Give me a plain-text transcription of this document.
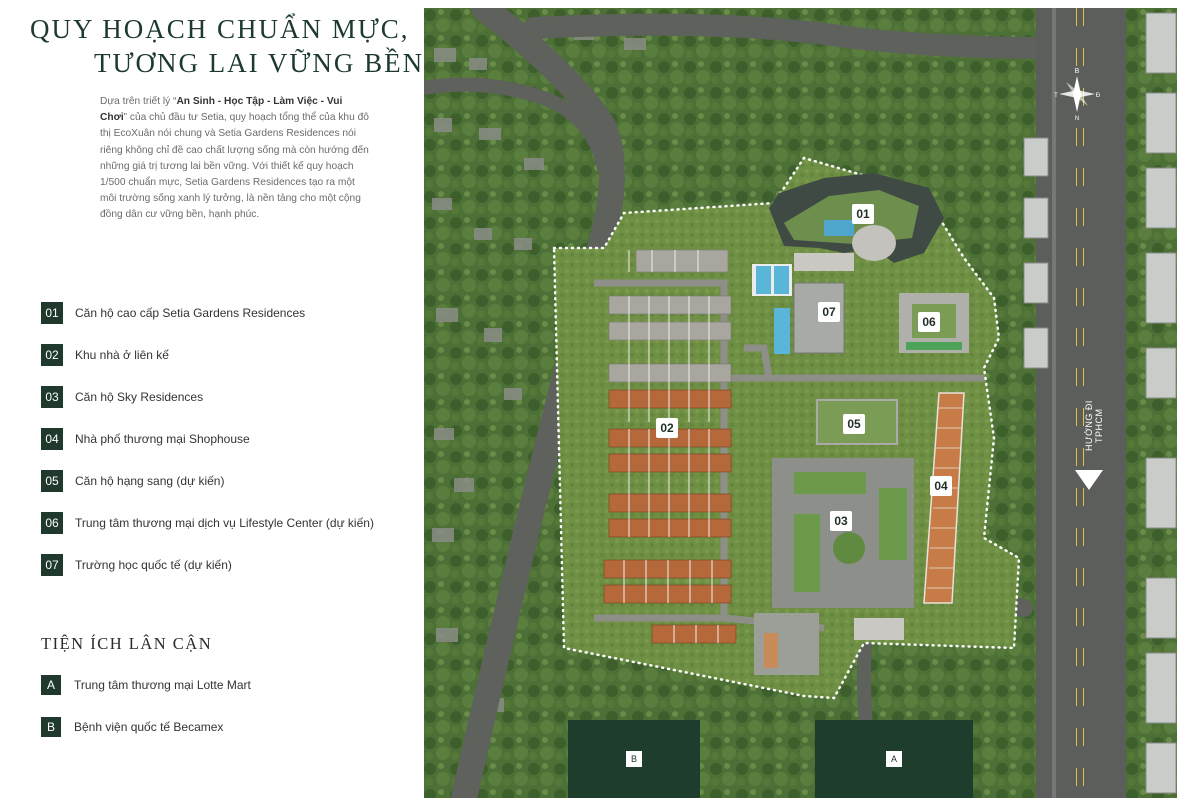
QUY HOẠCH CHUẨN MỰC,
TƯƠNG LAI VỮNG BỀN
Dựa trên triết lý “An Sinh - Học Tập - Làm Việc - Vui Chơi” của chủ đầu tư Setia, quy hoạch tổng thể của khu đô thị EcoXuân nói chung và Setia Gardens Residences nói riêng không chỉ đề cao chất lượng sống mà còn hướng đến những giá trị tương lai bền vững. Với thiết kế quy hoạch 1/500 chuẩn mực, Setia Gardens Residences tạo ra một môi trường sống xanh lý tưởng, là nền tảng cho một cộng đồng dân cư vững bền, hạnh phúc.
01	Căn hộ cao cấp Setia Gardens Residences
02	Khu nhà ở liên kế
03	Căn hộ Sky Residences
04	Nhà phố thương mại Shophouse
05	Căn hộ hạng sang (dự kiến)
06	Trung tâm thương mại dịch vụ Lifestyle Center (dự kiến)
07	Trường học quốc tế (dự kiến)
TIỆN ÍCH LÂN CẬN
A	Trung tâm thương mại Lotte Mart
B	Bệnh viện quốc tế Becamex
01
02
03
04
05
06
07
B	A
HƯỚNG ĐI TPHCM
B
Đ
N
T
